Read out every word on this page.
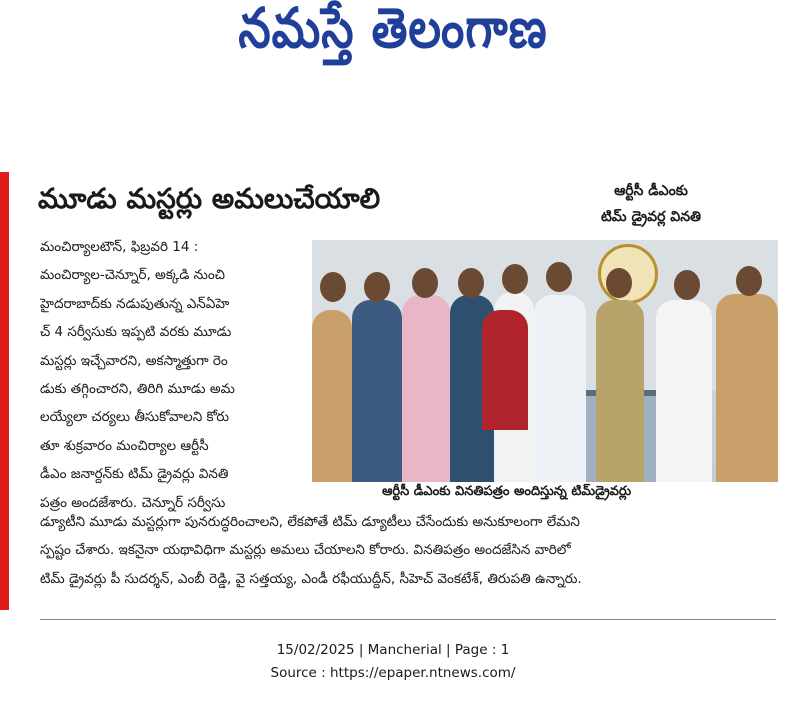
నమస్తే తెలంగాణ
మూడు మస్టర్లు అమలుచేయాలి	ఆర్టీసీ డీఎంకు
టిమ్ డ్రైవర్ల వినతి
మంచిర్యాలటౌన్, ఫిబ్రవరి 14 :
మంచిర్యాల-చెన్నూర్, అక్కడి నుంచి
హైదరాబాద్‌కు నడుపుతున్న ఎన్‌ఏహె
చ్ 4 సర్వీసుకు ఇప్పటి వరకు మూడు
మస్టర్లు ఇచ్చేవారని, అకస్మాత్తుగా రెం
డుకు తగ్గించారని, తిరిగి మూడు అమ
లయ్యేలా చర్యలు తీసుకోవాలని కోరు
తూ శుక్రవారం మంచిర్యాల ఆర్టీసీ
డీఎం జనార్దన్‌కు టిమ్ డ్రైవర్లు వినతి
పత్రం అందజేశారు. చెన్నూర్ సర్వీసు
ఆర్టీసీ డీఎంకు వినతిపత్రం అందిస్తున్న టిమ్‌డ్రైవర్లు
డ్యూటీని మూడు మస్టర్లుగా పునరుద్ధరించాలని, లేకపోతే టిమ్ డ్యూటీలు చేసేందుకు అనుకూలంగా లేమని
స్పష్టం చేశారు. ఇకనైనా యథావిధిగా మస్టర్లు అమలు చేయాలని కోరారు. వినతిపత్రం అందజేసిన వారిలో
టిమ్ డ్రైవర్లు పీ సుదర్శన్, ఎంబీ రెడ్డి, వై సత్తయ్య, ఎండీ రఫీయుద్దీన్, సీహెచ్ వెంకటేశ్, తిరుపతి ఉన్నారు.
15/02/2025 | Mancherial | Page : 1
Source : https://epaper.ntnews.com/
